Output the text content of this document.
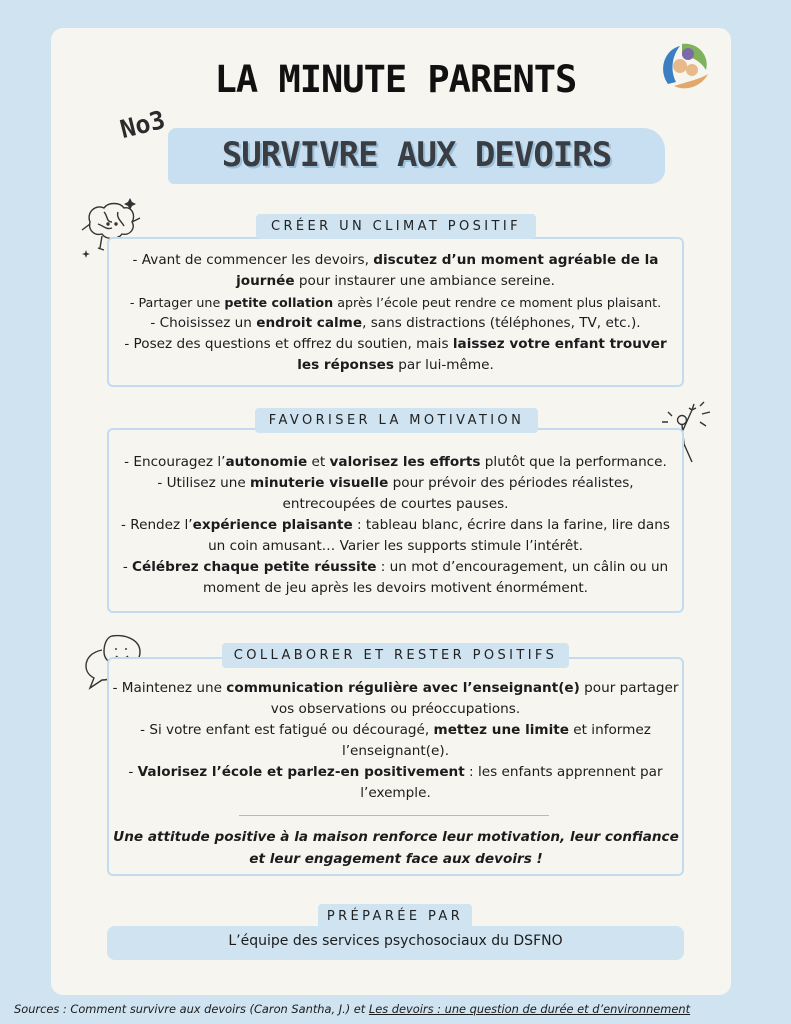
LA MINUTE PARENTS
No3
SURVIVRE AUX DEVOIRS
CRÉER UN CLIMAT POSITIF

- Avant de commencer les devoirs, discutez d’un moment agréable de la journée pour instaurer une ambiance sereine.

- Partager une petite collation après l’école peut rendre ce moment plus plaisant.

- Choisissez un endroit calme, sans distractions (téléphones, TV, etc.).

- Posez des questions et offrez du soutien, mais laissez votre enfant trouver les réponses par lui-même.

FAVORISER LA MOTIVATION

- Encouragez l’autonomie et valorisez les efforts plutôt que la performance.

- Utilisez une minuterie visuelle pour prévoir des périodes réalistes, entrecoupées de courtes pauses.

- Rendez l’expérience plaisante : tableau blanc, écrire dans la farine, lire dans un coin amusant… Varier les supports stimule l’intérêt.

- Célébrez chaque petite réussite : un mot d’encouragement, un câlin ou un moment de jeu après les devoirs motivent énormément.

COLLABORER ET RESTER POSITIFS

- Maintenez une communication régulière avec l’enseignant(e) pour partager vos observations ou préoccupations.

- Si votre enfant est fatigué ou découragé, mettez une limite et informez l’enseignant(e).

- Valorisez l’école et parlez-en positivement : les enfants apprennent par l’exemple.

Une attitude positive à la maison renforce leur motivation, leur confiance et leur engagement face aux devoirs !
PRÉPARÉE PAR
L’équipe des services psychosociaux du DSFNO
Sources : Comment survivre aux devoirs (Caron Santha, J.) et Les devoirs : une question de durée et d’environnement
